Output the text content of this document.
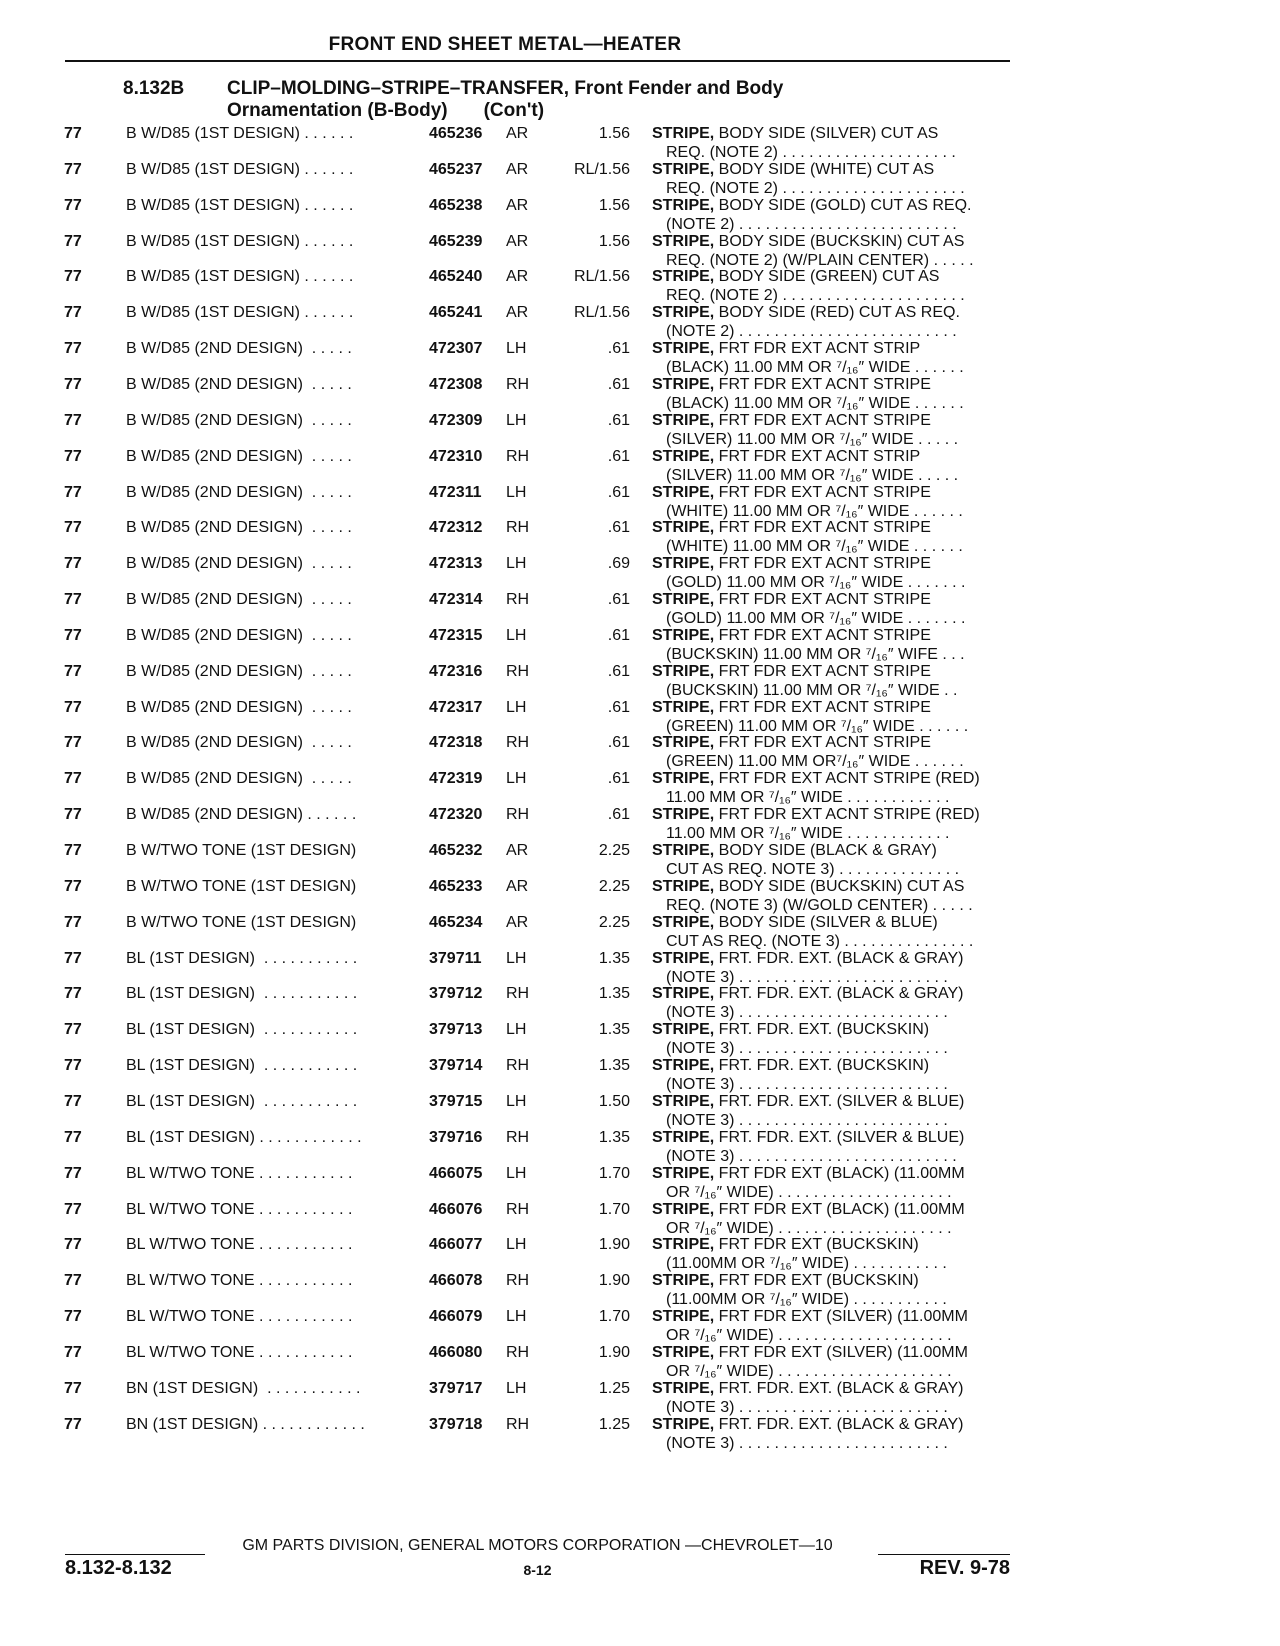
FRONT END SHEET METAL—HEATER
8.132B CLIP–MOLDING–STRIPE–TRANSFER, Front Fender and Body
Ornamentation (B-Body) (Con't)
77	B W/D85 (1ST DESIGN) . . . . . .	465236 AR	1.56 STRIPE, BODY SIDE (SILVER) CUT AS
REQ. (NOTE 2) . . . . . . . . . . . . . . . . . . . .
77	B W/D85 (1ST DESIGN) . . . . . .	465237 AR	RL/1.56 STRIPE, BODY SIDE (WHITE) CUT AS
REQ. (NOTE 2) . . . . . . . . . . . . . . . . . . . . .
77	B W/D85 (1ST DESIGN) . . . . . .	465238 AR	1.56 STRIPE, BODY SIDE (GOLD) CUT AS REQ.
(NOTE 2) . . . . . . . . . . . . . . . . . . . . . . . . .
77	B W/D85 (1ST DESIGN) . . . . . .	465239 AR	1.56 STRIPE, BODY SIDE (BUCKSKIN) CUT AS
REQ. (NOTE 2) (W/PLAIN CENTER) . . . . .
77	B W/D85 (1ST DESIGN) . . . . . .	465240 AR	RL/1.56 STRIPE, BODY SIDE (GREEN) CUT AS
REQ. (NOTE 2) . . . . . . . . . . . . . . . . . . . . .
77	B W/D85 (1ST DESIGN) . . . . . .	465241 AR	RL/1.56 STRIPE, BODY SIDE (RED) CUT AS REQ.
(NOTE 2) . . . . . . . . . . . . . . . . . . . . . . . . .
77	B W/D85 (2ND DESIGN)  . . . . .	472307 LH	.61 STRIPE, FRT FDR EXT ACNT STRIP
(BLACK) 11.00 MM OR ⁷/₁₆″ WIDE . . . . . .
77	B W/D85 (2ND DESIGN)  . . . . .	472308 RH	.61 STRIPE, FRT FDR EXT ACNT STRIPE
(BLACK) 11.00 MM OR ⁷/₁₆″ WIDE . . . . . .
77	B W/D85 (2ND DESIGN)  . . . . .	472309 LH	.61 STRIPE, FRT FDR EXT ACNT STRIPE
(SILVER) 11.00 MM OR ⁷/₁₆″ WIDE . . . . .
77	B W/D85 (2ND DESIGN)  . . . . .	472310 RH	.61 STRIPE, FRT FDR EXT ACNT STRIP
(SILVER) 11.00 MM OR ⁷/₁₆″ WIDE . . . . .
77	B W/D85 (2ND DESIGN)  . . . . .	472311 LH	.61 STRIPE, FRT FDR EXT ACNT STRIPE
(WHITE) 11.00 MM OR ⁷/₁₆″ WIDE . . . . . .
77	B W/D85 (2ND DESIGN)  . . . . .	472312 RH	.61 STRIPE, FRT FDR EXT ACNT STRIPE
(WHITE) 11.00 MM OR ⁷/₁₆″ WIDE . . . . . .
77	B W/D85 (2ND DESIGN)  . . . . .	472313 LH	.69 STRIPE, FRT FDR EXT ACNT STRIPE
(GOLD) 11.00 MM OR ⁷/₁₆″ WIDE . . . . . . .
77	B W/D85 (2ND DESIGN)  . . . . .	472314 RH	.61 STRIPE, FRT FDR EXT ACNT STRIPE
(GOLD) 11.00 MM OR ⁷/₁₆″ WIDE . . . . . . .
77	B W/D85 (2ND DESIGN)  . . . . .	472315 LH	.61 STRIPE, FRT FDR EXT ACNT STRIPE
(BUCKSKIN) 11.00 MM OR ⁷/₁₆″ WIFE . . .
77	B W/D85 (2ND DESIGN)  . . . . .	472316 RH	.61 STRIPE, FRT FDR EXT ACNT STRIPE
(BUCKSKIN) 11.00 MM OR ⁷/₁₆″ WIDE . .
77	B W/D85 (2ND DESIGN)  . . . . .	472317 LH	.61 STRIPE, FRT FDR EXT ACNT STRIPE
(GREEN) 11.00 MM OR ⁷/₁₆″ WIDE . . . . . .
77	B W/D85 (2ND DESIGN)  . . . . .	472318 RH	.61 STRIPE, FRT FDR EXT ACNT STRIPE
(GREEN) 11.00 MM OR⁷/₁₆″ WIDE . . . . . .
77	B W/D85 (2ND DESIGN)  . . . . .	472319 LH	.61 STRIPE, FRT FDR EXT ACNT STRIPE (RED)
11.00 MM OR ⁷/₁₆″ WIDE . . . . . . . . . . . .
77	B W/D85 (2ND DESIGN) . . . . . .	472320 RH	.61 STRIPE, FRT FDR EXT ACNT STRIPE (RED)
11.00 MM OR ⁷/₁₆″ WIDE . . . . . . . . . . . .
77	B W/TWO TONE (1ST DESIGN)	465232 AR	2.25 STRIPE, BODY SIDE (BLACK & GRAY)
CUT AS REQ. NOTE 3) . . . . . . . . . . . . . .
77	B W/TWO TONE (1ST DESIGN)	465233 AR	2.25 STRIPE, BODY SIDE (BUCKSKIN) CUT AS
REQ. (NOTE 3) (W/GOLD CENTER) . . . . .
77	B W/TWO TONE (1ST DESIGN)	465234 AR	2.25 STRIPE, BODY SIDE (SILVER & BLUE)
CUT AS REQ. (NOTE 3) . . . . . . . . . . . . . . .
77	BL (1ST DESIGN)  . . . . . . . . . . .	379711 LH	1.35 STRIPE, FRT. FDR. EXT. (BLACK & GRAY)
(NOTE 3) . . . . . . . . . . . . . . . . . . . . . . . .
77	BL (1ST DESIGN)  . . . . . . . . . . .	379712 RH	1.35 STRIPE, FRT. FDR. EXT. (BLACK & GRAY)
(NOTE 3) . . . . . . . . . . . . . . . . . . . . . . . .
77	BL (1ST DESIGN)  . . . . . . . . . . .	379713 LH	1.35 STRIPE, FRT. FDR. EXT. (BUCKSKIN)
(NOTE 3) . . . . . . . . . . . . . . . . . . . . . . . .
77	BL (1ST DESIGN)  . . . . . . . . . . .	379714 RH	1.35 STRIPE, FRT. FDR. EXT. (BUCKSKIN)
(NOTE 3) . . . . . . . . . . . . . . . . . . . . . . . .
77	BL (1ST DESIGN)  . . . . . . . . . . .	379715 LH	1.50 STRIPE, FRT. FDR. EXT. (SILVER & BLUE)
(NOTE 3) . . . . . . . . . . . . . . . . . . . . . . . .
77	BL (1ST DESIGN) . . . . . . . . . . . .	379716 RH	1.35 STRIPE, FRT. FDR. EXT. (SILVER & BLUE)
(NOTE 3) . . . . . . . . . . . . . . . . . . . . . . . . .
77	BL W/TWO TONE . . . . . . . . . . .	466075 LH	1.70 STRIPE, FRT FDR EXT (BLACK) (11.00MM
OR ⁷/₁₆″ WIDE) . . . . . . . . . . . . . . . . . . . .
77	BL W/TWO TONE . . . . . . . . . . .	466076 RH	1.70 STRIPE, FRT FDR EXT (BLACK) (11.00MM
OR ⁷/₁₆″ WIDE) . . . . . . . . . . . . . . . . . . . .
77	BL W/TWO TONE . . . . . . . . . . .	466077 LH	1.90 STRIPE, FRT FDR EXT (BUCKSKIN)
(11.00MM OR ⁷/₁₆″ WIDE) . . . . . . . . . . .
77	BL W/TWO TONE . . . . . . . . . . .	466078 RH	1.90 STRIPE, FRT FDR EXT (BUCKSKIN)
(11.00MM OR ⁷/₁₆″ WIDE) . . . . . . . . . . .
77	BL W/TWO TONE . . . . . . . . . . .	466079 LH	1.70 STRIPE, FRT FDR EXT (SILVER) (11.00MM
OR ⁷/₁₆″ WIDE) . . . . . . . . . . . . . . . . . . . .
77	BL W/TWO TONE . . . . . . . . . . .	466080 RH	1.90 STRIPE, FRT FDR EXT (SILVER) (11.00MM
OR ⁷/₁₆″ WIDE) . . . . . . . . . . . . . . . . . . . .
77	BN (1ST DESIGN)  . . . . . . . . . . .	379717 LH	1.25 STRIPE, FRT. FDR. EXT. (BLACK & GRAY)
(NOTE 3) . . . . . . . . . . . . . . . . . . . . . . . .
77	BN (1ST DESIGN) . . . . . . . . . . . .	379718 RH	1.25 STRIPE, FRT. FDR. EXT. (BLACK & GRAY)
(NOTE 3) . . . . . . . . . . . . . . . . . . . . . . . .
GM PARTS DIVISION, GENERAL MOTORS CORPORATION —CHEVROLET—10
8.132-8.132	8-12	REV. 9-78
